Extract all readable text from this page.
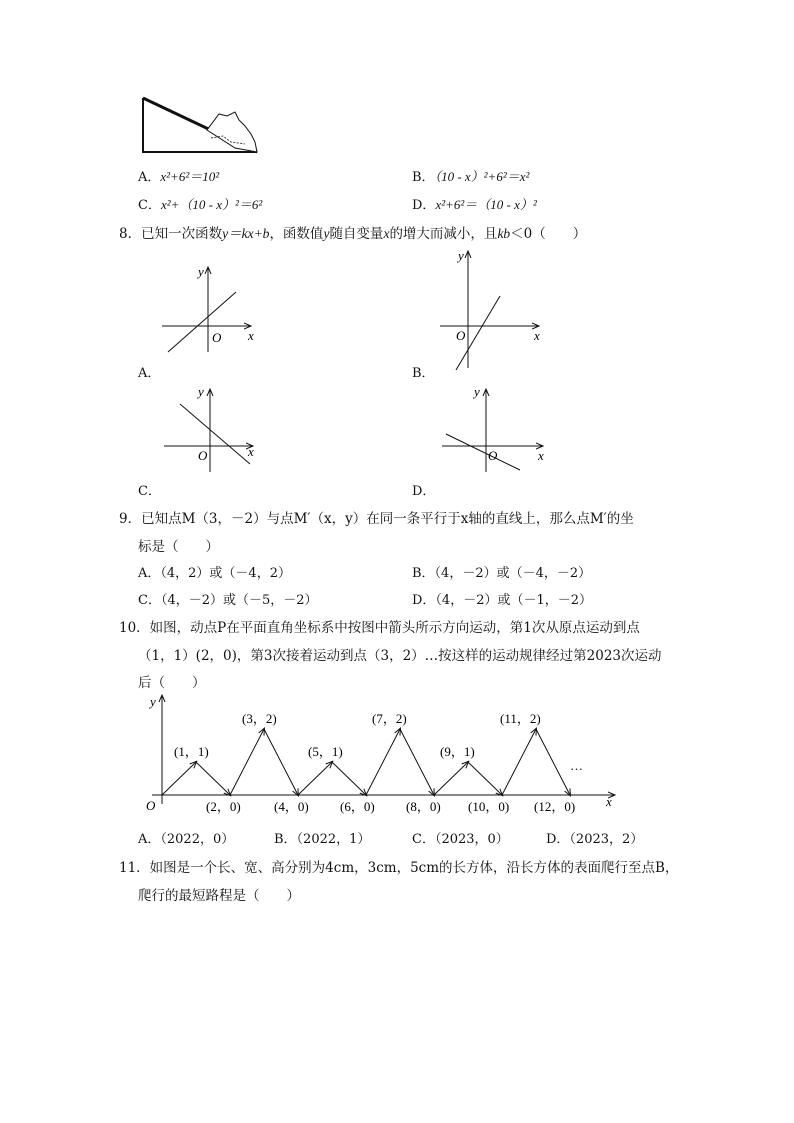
A．x²+6²＝10²	B．（10 - x）²+6²＝x²
C．x²+（10 - x）²＝6²	D．x²+6²＝（10 - x）²
8．已知一次函数y＝kx+b，函数值y随自变量x的增大而减小，且kb＜0（　　）
y
x
O
A．
y
x
O
B．
y
x
O
C．
y
x
O
D．
9．已知点M（3，－2）与点M′（x，y）在同一条平行于x轴的直线上，那么点M′的坐
标是（　　）
A．（4，2）或（－4，2）	B．（4，－2）或（－4，－2）
C．（4，－2）或（－5，－2）	D．（4，－2）或（－1，－2）
10．如图，动点P在平面直角坐标系中按图中箭头所示方向运动，第1次从原点运动到点
（1，1）(2，0)，第3次接着运动到点（3，2）…按这样的运动规律经过第2023次运动
后（　　）
y
x
O
…
(1，1)
(3，2)
(5，1)
(7，2)
(9，1)
(11，2)
(2，0)	(4，0) (6，0) (8，0) (10，0) (12，0)
A．（2022，0）	B．（2022，1）	C．（2023，0）	D．（2023，2）
11．如图是一个长、宽、高分别为4cm，3cm，5cm的长方体，沿长方体的表面爬行至点B，
爬行的最短路程是（　　）
